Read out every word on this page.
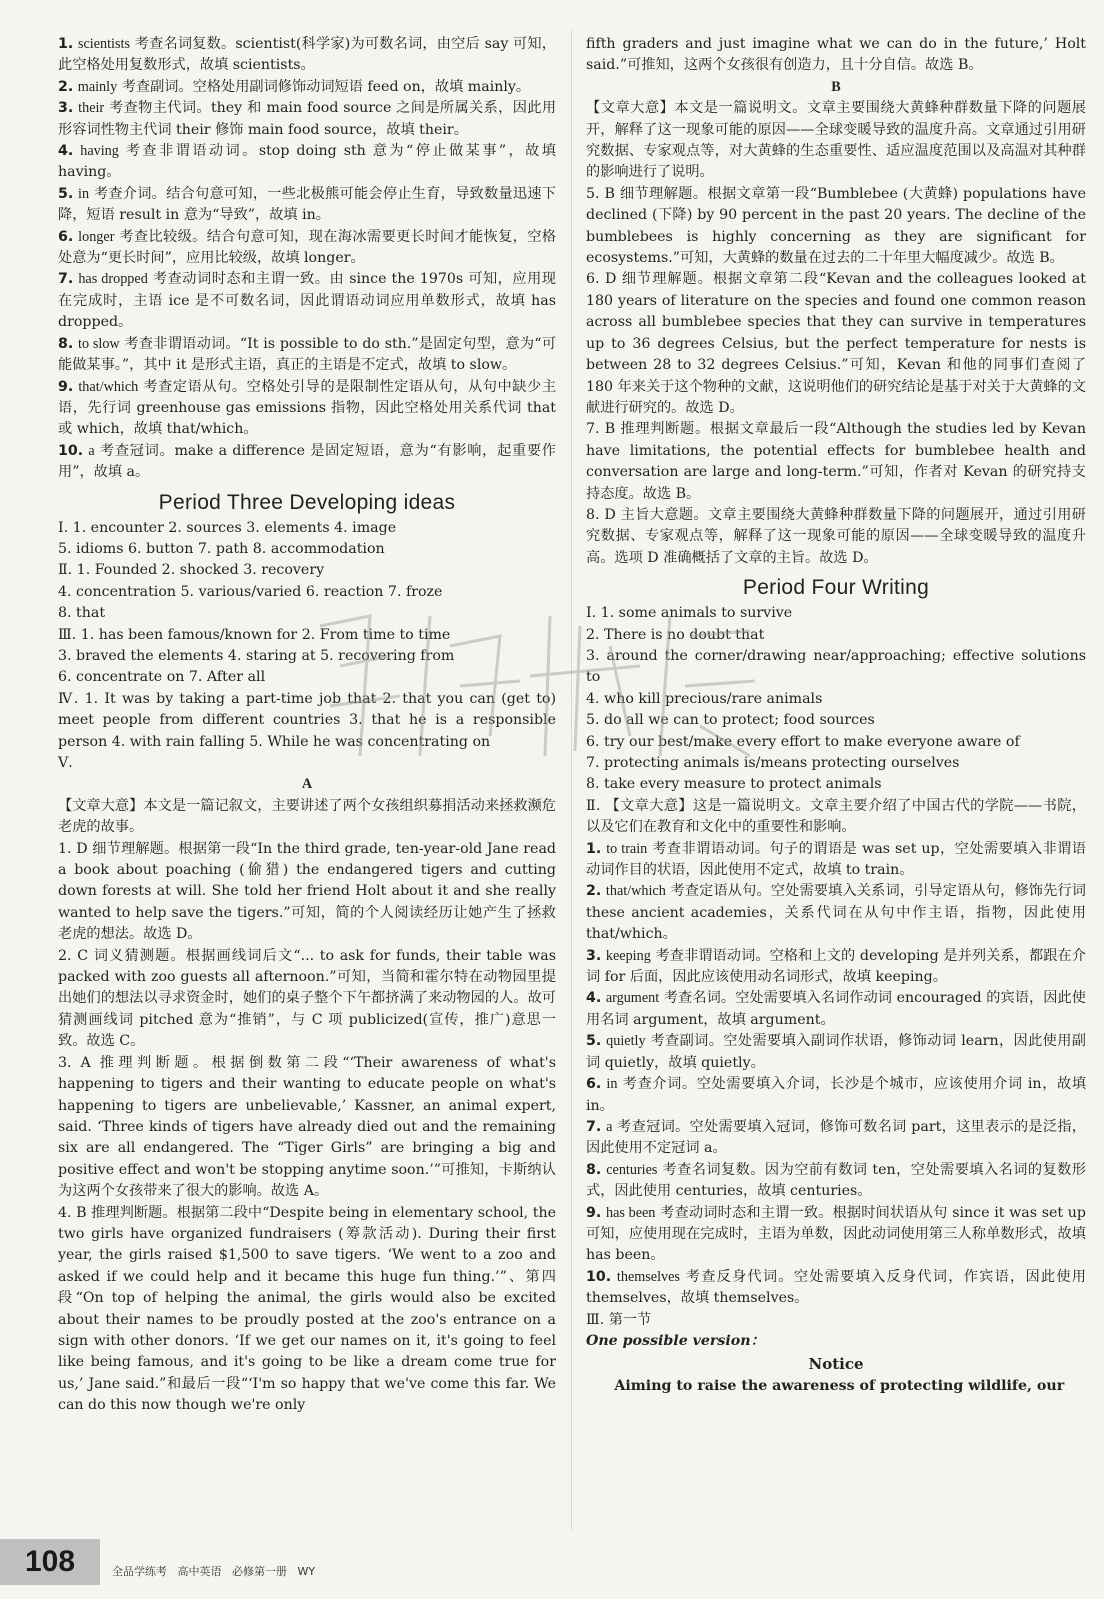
1. scientists 考查名词复数。scientist(科学家)为可数名词，由空后 say 可知，此空格处用复数形式，故填 scientists。

2. mainly 考查副词。空格处用副词修饰动词短语 feed on，故填 mainly。

3. their 考查物主代词。they 和 main food source 之间是所属关系，因此用形容词性物主代词 their 修饰 main food source，故填 their。

4. having 考查非谓语动词。stop doing sth 意为“停止做某事”，故填 having。

5. in 考查介词。结合句意可知，一些北极熊可能会停止生育，导致数量迅速下降，短语 result in 意为“导致”，故填 in。

6. longer 考查比较级。结合句意可知，现在海冰需要更长时间才能恢复，空格处意为“更长时间”，应用比较级，故填 longer。

7. has dropped 考查动词时态和主谓一致。由 since the 1970s 可知，应用现在完成时，主语 ice 是不可数名词，因此谓语动词应用单数形式，故填 has dropped。

8. to slow 考查非谓语动词。“It is possible to do sth.”是固定句型，意为“可能做某事。”，其中 it 是形式主语，真正的主语是不定式，故填 to slow。

9. that/which 考查定语从句。空格处引导的是限制性定语从句，从句中缺少主语，先行词 greenhouse gas emissions 指物，因此空格处用关系代词 that 或 which，故填 that/which。

10. a 考查冠词。make a difference 是固定短语，意为“有影响，起重要作用”，故填 a。

Period Three Developing ideas

Ⅰ. 1. encounter 2. sources 3. elements 4. image

5. idioms 6. button 7. path 8. accommodation

Ⅱ. 1. Founded 2. shocked 3. recovery

4. concentration 5. various/varied 6. reaction 7. froze

8. that

Ⅲ. 1. has been famous/known for 2. From time to time

3. braved the elements 4. staring at 5. recovering from

6. concentrate on 7. After all

Ⅳ. 1. It was by taking a part-time job that 2. that you can (get to) meet people from different countries 3. that he is a responsible person 4. with rain falling 5. While he was concentrating on

Ⅴ.

A

【文章大意】本文是一篇记叙文，主要讲述了两个女孩组织募捐活动来拯救濒危老虎的故事。

1. D 细节理解题。根据第一段“In the third grade, ten-year-old Jane read a book about poaching (偷猎) the endangered tigers and cutting down forests at will. She told her friend Holt about it and she really wanted to help save the tigers.”可知，简的个人阅读经历让她产生了拯救老虎的想法。故选 D。

2. C 词义猜测题。根据画线词后文“... to ask for funds, their table was packed with zoo guests all afternoon.”可知，当简和霍尔特在动物园里提出她们的想法以寻求资金时，她们的桌子整个下午都挤满了来动物园的人。故可猜测画线词 pitched 意为“推销”，与 C 项 publicized(宣传，推广)意思一致。故选 C。

3. A 推理判断题。根据倒数第二段“‘Their awareness of what's happening to tigers and their wanting to educate people on what's happening to tigers are unbelievable,’ Kassner, an animal expert, said. ‘Three kinds of tigers have already died out and the remaining six are all endangered. The “Tiger Girls” are bringing a big and positive effect and won't be stopping anytime soon.’”可推知，卡斯纳认为这两个女孩带来了很大的影响。故选 A。

4. B 推理判断题。根据第二段中“Despite being in elementary school, the two girls have organized fundraisers (筹款活动). During their first year, the girls raised $1,500 to save tigers. ‘We went to a zoo and asked if we could help and it became this huge fun thing.’”、第四段“On top of helping the animal, the girls would also be excited about their names to be proudly posted at the zoo's entrance on a sign with other donors. ‘If we get our names on it, it's going to feel like being famous, and it's going to be like a dream come true for us,’ Jane said.”和最后一段“‘I'm so happy that we've come this far. We can do this now though we're only

fifth graders and just imagine what we can do in the future,’ Holt said.”可推知，这两个女孩很有创造力，且十分自信。故选 B。

B

【文章大意】本文是一篇说明文。文章主要围绕大黄蜂种群数量下降的问题展开，解释了这一现象可能的原因——全球变暖导致的温度升高。文章通过引用研究数据、专家观点等，对大黄蜂的生态重要性、适应温度范围以及高温对其种群的影响进行了说明。

5. B 细节理解题。根据文章第一段“Bumblebee (大黄蜂) populations have declined (下降) by 90 percent in the past 20 years. The decline of the bumblebees is highly concerning as they are significant for ecosystems.”可知，大黄蜂的数量在过去的二十年里大幅度减少。故选 B。

6. D 细节理解题。根据文章第二段“Kevan and the colleagues looked at 180 years of literature on the species and found one common reason across all bumblebee species that they can survive in temperatures up to 36 degrees Celsius, but the perfect temperature for nests is between 28 to 32 degrees Celsius.”可知，Kevan 和他的同事们查阅了 180 年来关于这个物种的文献，这说明他们的研究结论是基于对关于大黄蜂的文献进行研究的。故选 D。

7. B 推理判断题。根据文章最后一段“Although the studies led by Kevan have limitations, the potential effects for bumblebee health and conversation are large and long-term.”可知，作者对 Kevan 的研究持支持态度。故选 B。

8. D 主旨大意题。文章主要围绕大黄蜂种群数量下降的问题展开，通过引用研究数据、专家观点等，解释了这一现象可能的原因——全球变暖导致的温度升高。选项 D 准确概括了文章的主旨。故选 D。

Period Four Writing

Ⅰ. 1. some animals to survive

2. There is no doubt that

3. around the corner/drawing near/approaching; effective solutions to

4. who kill precious/rare animals

5. do all we can to protect; food sources

6. try our best/make every effort to make everyone aware of

7. protecting animals is/means protecting ourselves

8. take every measure to protect animals

Ⅱ. 【文章大意】这是一篇说明文。文章主要介绍了中国古代的学院——书院，以及它们在教育和文化中的重要性和影响。

1. to train 考查非谓语动词。句子的谓语是 was set up，空处需要填入非谓语动词作目的状语，因此使用不定式，故填 to train。

2. that/which 考查定语从句。空处需要填入关系词，引导定语从句，修饰先行词 these ancient academies，关系代词在从句中作主语，指物，因此使用 that/which。

3. keeping 考查非谓语动词。空格和上文的 developing 是并列关系，都跟在介词 for 后面，因此应该使用动名词形式，故填 keeping。

4. argument 考查名词。空处需要填入名词作动词 encouraged 的宾语，因此使用名词 argument，故填 argument。

5. quietly 考查副词。空处需要填入副词作状语，修饰动词 learn，因此使用副词 quietly，故填 quietly。

6. in 考查介词。空处需要填入介词，长沙是个城市，应该使用介词 in，故填 in。

7. a 考查冠词。空处需要填入冠词，修饰可数名词 part，这里表示的是泛指，因此使用不定冠词 a。

8. centuries 考查名词复数。因为空前有数词 ten，空处需要填入名词的复数形式，因此使用 centuries，故填 centuries。

9. has been 考查动词时态和主谓一致。根据时间状语从句 since it was set up 可知，应使用现在完成时，主语为单数，因此动词使用第三人称单数形式，故填 has been。

10. themselves 考查反身代词。空处需要填入反身代词，作宾语，因此使用 themselves，故填 themselves。

Ⅲ. 第一节

One possible version：

Notice

Aiming to raise the awareness of protecting wildlife, our

108	全品学练考 高中英语 必修第一册 WY
